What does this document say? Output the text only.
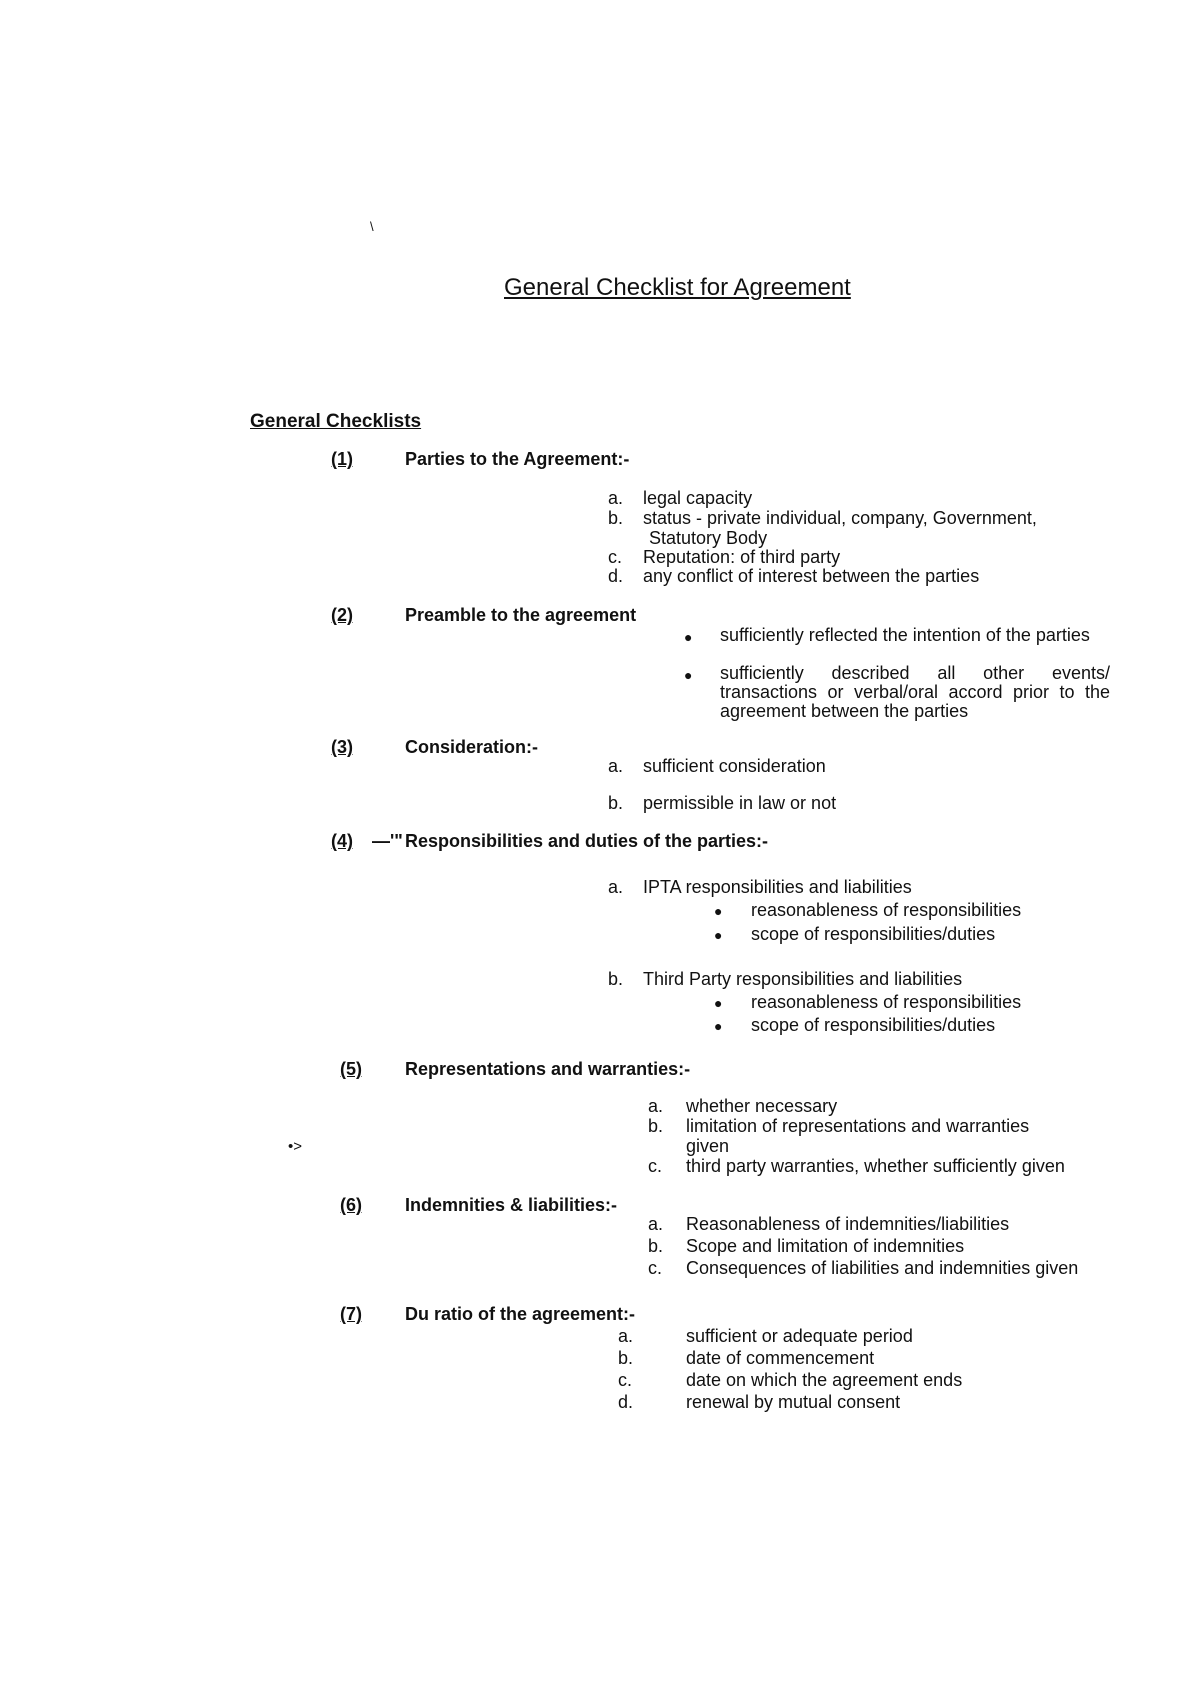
\
General Checklist for Agreement
General Checklists
(1)	Parties to the Agreement:-
a.	legal capacity
b.	status - private individual, company, Government,
Statutory Body
c.	Reputation: of third party
d.	any conflict of interest between the parties
(2)	Preamble to the agreement
● sufficiently reflected the intention of the parties
● sufficiently described all other events/ transactions or verbal/oral accord prior to the agreement between the parties
(3)	Consideration:-
a.	sufficient consideration
b.	permissible in law or not
(4) —'" Responsibilities and duties of the parties:-
a.	IPTA responsibilities and liabilities
● reasonableness of responsibilities
● scope of responsibilities/duties
b.	Third Party responsibilities and liabilities
● reasonableness of responsibilities
● scope of responsibilities/duties
(5) Representations and warranties:-
a.	whether necessary
b.	limitation of representations and warranties
given
c.	third party warranties, whether sufficiently given
•>
(6) Indemnities & liabilities:-
a.	Reasonableness of indemnities/liabilities
b.	Scope and limitation of indemnities
c.	Consequences of liabilities and indemnities given
(7) Du ratio of the agreement:-
a.	sufficient or adequate period
b.	date of commencement
c.	date on which the agreement ends
d.	renewal by mutual consent
